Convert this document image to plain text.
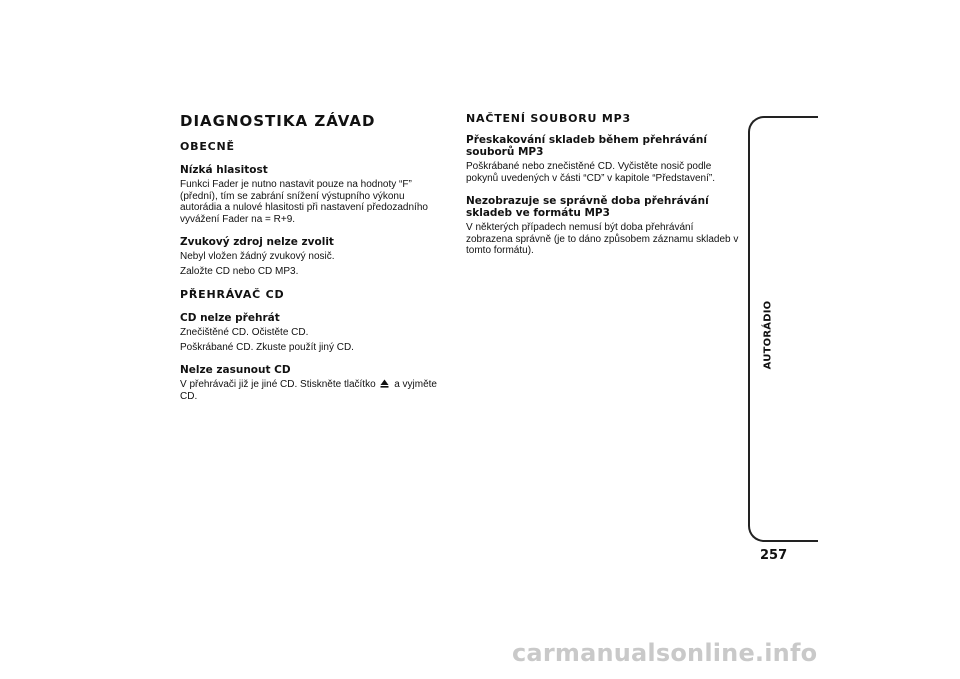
DIAGNOSTIKA ZÁVAD
OBECNĚ
Nízká hlasitost
Funkci Fader je nutno nastavit pouze na hodnoty “F” (přední), tím se zabrání snížení výstupního výkonu autorádia a nulové hlasitosti při nastavení předozadního vyvážení Fader na = R+9.
Zvukový zdroj nelze zvolit
Nebyl vložen žádný zvukový nosič.
Založte CD nebo CD MP3.
PŘEHRÁVAČ CD
CD nelze přehrát
Znečištěné CD. Očistěte CD.
Poškrábané CD. Zkuste použít jiný CD.
Nelze zasunout CD
V přehrávači již je jiné CD. Stiskněte tlačítko a vyjměte CD.
NAČTENÍ SOUBORU MP3
Přeskakování skladeb během přehrávání souborů MP3
Poškrábané nebo znečistěné CD. Vyčistěte nosič podle pokynů uvedených v části “CD” v kapitole “Představení”.
Nezobrazuje se správně doba přehrávání skladeb ve formátu MP3
V některých případech nemusí být doba přehrávání zobrazena správně (je to dáno způsobem záznamu skladeb v tomto formátu).
AUTORÁDIO
257
carmanualsonline.info
